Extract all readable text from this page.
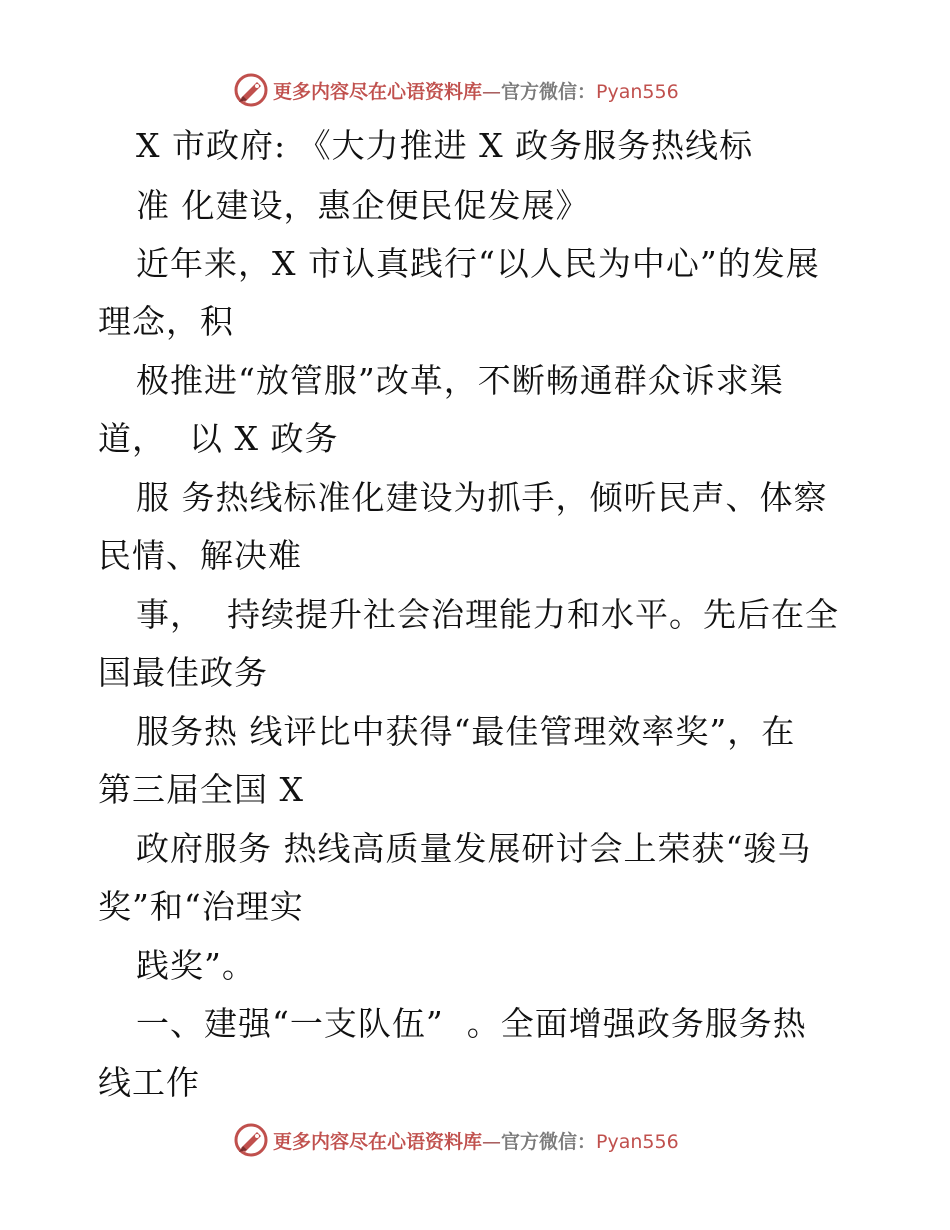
更多内容尽在心语资料库—官方微信：Pyan556
X 市政府: 《大力推进 X 政务服务热线标
准 化建设，惠企便民促发展》
近年来，X 市认真践行“以人民为中心”的发展
理念，积
极推进“放管服”改革，不断畅通群众诉求渠
道，  以 X 政务
服 务热线标准化建设为抓手，倾听民声、体察
民情、解决难
事，  持续提升社会治理能力和水平。先后在全
国最佳政务
服务热 线评比中获得“最佳管理效率奖”，在
第三届全国 X
政府服务 热线高质量发展研讨会上荣获“骏马
奖”和“治理实
践奖”。
一、建强“一支队伍”  。全面增强政务服务热
线工作
更多内容尽在心语资料库—官方微信：Pyan556
